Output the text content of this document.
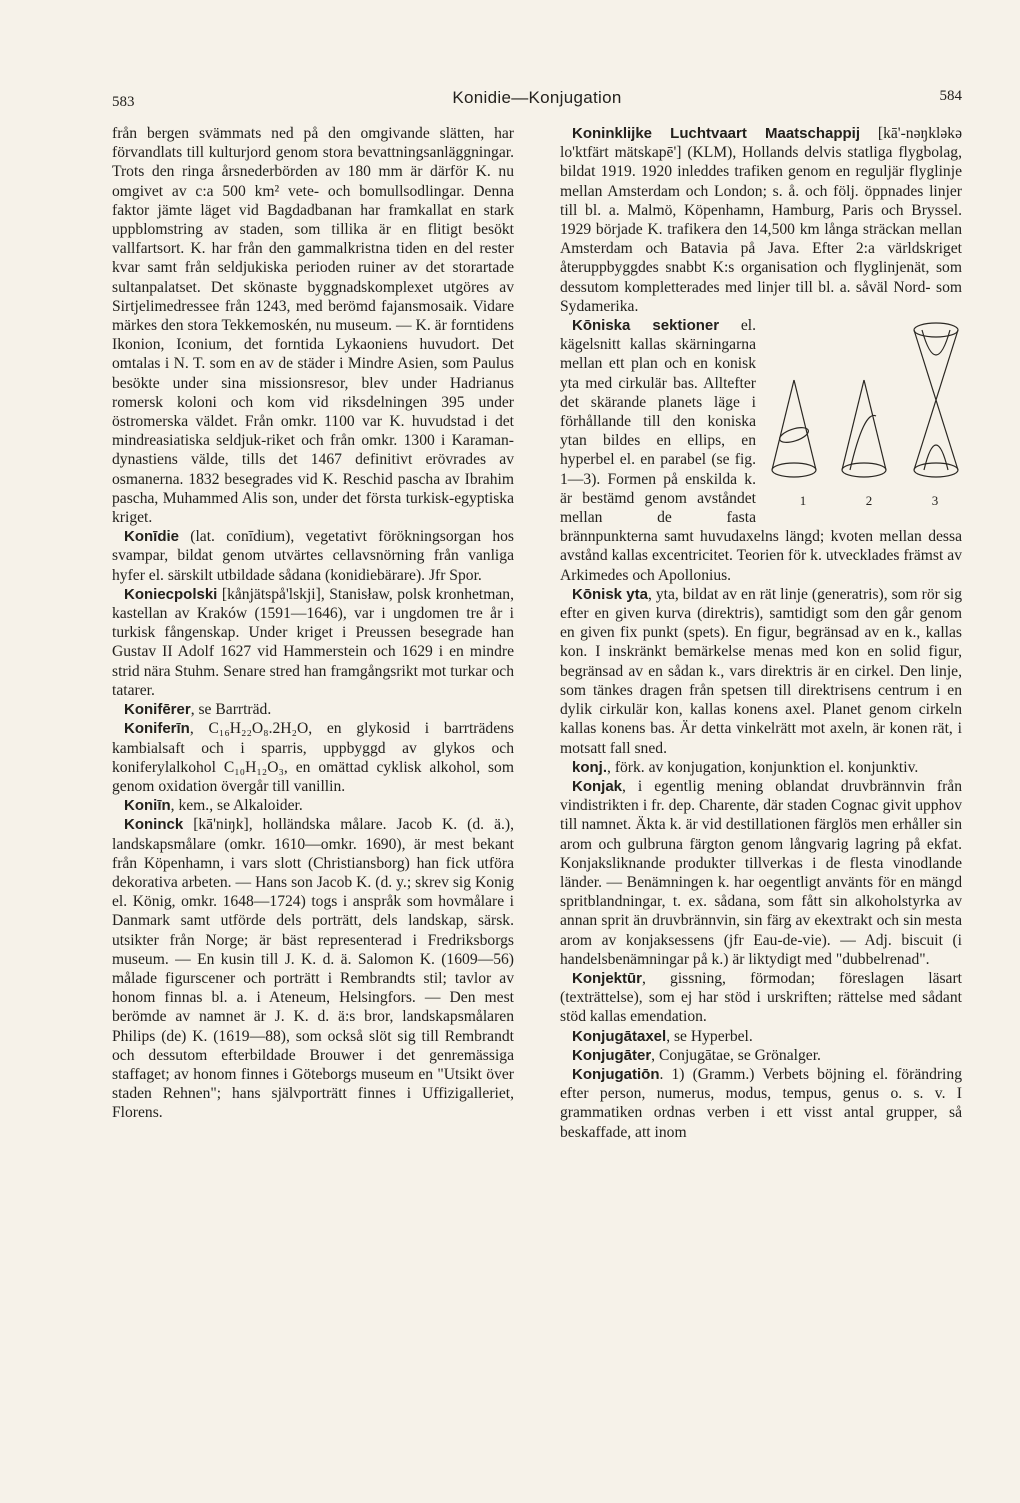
583	Konidie—Konjugation	584

från bergen svämmats ned på den omgivande slätten, har förvandlats till kulturjord genom stora bevattningsanläggningar. Trots den ringa årsnederbörden av 180 mm är därför K. nu omgivet av c:a 500 km² vete- och bomullsodlingar. Denna faktor jämte läget vid Bagdadbanan har framkallat en stark uppblomstring av staden, som tillika är en flitigt besökt vallfartsort. K. har från den gammalkristna tiden en del rester kvar samt från seldjukiska perioden ruiner av det storartade sultanpalatset. Det skönaste byggnadskomplexet utgöres av Sirtjelimedressee från 1243, med berömd fajansmosaik. Vidare märkes den stora Tekkemoskén, nu museum. — K. är forntidens Ikonion, Iconium, det forntida Lykaoniens huvudort. Det omtalas i N. T. som en av de städer i Mindre Asien, som Paulus besökte under sina missionsresor, blev under Hadrianus romersk koloni och kom vid riksdelningen 395 under östromerska väldet. Från omkr. 1100 var K. huvudstad i det mindreasiatiska seldjuk-riket och från omkr. 1300 i Karaman-dynastiens välde, tills det 1467 definitivt erövrades av osmanerna. 1832 besegrades vid K. Reschid pascha av Ibrahim pascha, Muhammed Alis son, under det första turkisk-egyptiska kriget.

Konīdie (lat. conīdium), vegetativt förökningsorgan hos svampar, bildat genom utvärtes cellavsnörning från vanliga hyfer el. särskilt utbildade sådana (konidiebärare). Jfr Spor.

Koniecpolski [kånjätspå'lskji], Stanisław, polsk kronhetman, kastellan av Kraków (1591—1646), var i ungdomen tre år i turkisk fångenskap. Under kriget i Preussen besegrade han Gustav II Adolf 1627 vid Hammerstein och 1629 i en mindre strid nära Stuhm. Senare stred han framgångsrikt mot turkar och tatarer.

Konifērer, se Barrträd.

Koniferīn, C₁₆H₂₂O₈.2H₂O, en glykosid i barrträdens kambialsaft och i sparris, uppbyggd av glykos och koniferylalkohol C₁₀H₁₂O₃, en omättad cyklisk alkohol, som genom oxidation övergår till vanillin.

Koniīn, kem., se Alkaloider.

Koninck [kā'niŋk], holländska målare. Jacob K. (d. ä.), landskapsmålare (omkr. 1610—omkr. 1690), är mest bekant från Köpenhamn, i vars slott (Christiansborg) han fick utföra dekorativa arbeten. — Hans son Jacob K. (d. y.; skrev sig Konig el. König, omkr. 1648—1724) togs i anspråk som hovmålare i Danmark samt utförde dels porträtt, dels landskap, särsk. utsikter från Norge; är bäst representerad i Fredriksborgs museum. — En kusin till J. K. d. ä. Salomon K. (1609—56) målade figurscener och porträtt i Rembrandts stil; tavlor av honom finnas bl. a. i Ateneum, Helsingfors. — Den mest berömde av namnet är J. K. d. ä:s bror, landskapsmålaren Philips (de) K. (1619—88), som också slöt sig till Rembrandt och dessutom efterbildade Brouwer i det genremässiga staffaget; av honom finnes i Göteborgs museum en "Utsikt över staden Rehnen"; hans självporträtt finnes i Uffizigalleriet, Florens.

Koninklijke Luchtvaart Maatschappij [kā'-nəŋkləkə lo'ktfärt mätskapē'] (KLM), Hollands delvis statliga flygbolag, bildat 1919. 1920 inleddes trafiken genom en reguljär flyglinje mellan Amsterdam och London; s. å. och följ. öppnades linjer till bl. a. Malmö, Köpenhamn, Hamburg, Paris och Bryssel. 1929 började K. trafikera den 14,500 km långa sträckan mellan Amsterdam och Batavia på Java. Efter 2:a världskriget återuppbyggdes snabbt K:s organisation och flyglinjenät, som dessutom kompletterades med linjer till bl. a. såväl Nord- som Sydamerika.

1	2	3
Kōniska sektioner el. kägelsnitt kallas skärningarna mellan ett plan och en konisk yta med cirkulär bas. Alltefter det skärande planets läge i förhållande till den koniska ytan bildes en ellips, en hyperbel el. en parabel (se fig. 1—3). Formen på enskilda k. är bestämd genom avståndet mellan de fasta brännpunkterna samt huvudaxelns längd; kvoten mellan dessa avstånd kallas excentricitet. Teorien för k. utvecklades främst av Arkimedes och Apollonius.

Kōnisk yta, yta, bildat av en rät linje (generatris), som rör sig efter en given kurva (direktris), samtidigt som den går genom en given fix punkt (spets). En figur, begränsad av en k., kallas kon. I inskränkt bemärkelse menas med kon en solid figur, begränsad av en sådan k., vars direktris är en cirkel. Den linje, som tänkes dragen från spetsen till direktrisens centrum i en dylik cirkulär kon, kallas konens axel. Planet genom cirkeln kallas konens bas. Är detta vinkelrätt mot axeln, är konen rät, i motsatt fall sned.

konj., förk. av konjugation, konjunktion el. konjunktiv.

Konjak, i egentlig mening oblandat druvbrännvin från vindistrikten i fr. dep. Charente, där staden Cognac givit upphov till namnet. Äkta k. är vid destillationen färglös men erhåller sin arom och gulbruna färgton genom långvarig lagring på ekfat. Konjaksliknande produkter tillverkas i de flesta vinodlande länder. — Benämningen k. har oegentligt använts för en mängd spritblandningar, t. ex. sådana, som fått sin alkoholstyrka av annan sprit än druvbrännvin, sin färg av ekextrakt och sin mesta arom av konjaksessens (jfr Eau-de-vie). — Adj. biscuit (i handelsbenämningar på k.) är liktydigt med "dubbelrenad".

Konjektūr, gissning, förmodan; föreslagen läsart (texträttelse), som ej har stöd i urskriften; rättelse med sådant stöd kallas emendation.

Konjugātaxel, se Hyperbel.

Konjugāter, Conjugātae, se Grönalger.

Konjugatiōn. 1) (Gramm.) Verbets böjning el. förändring efter person, numerus, modus, tempus, genus o. s. v. I grammatiken ordnas verben i ett visst antal grupper, så beskaffade, att inom
